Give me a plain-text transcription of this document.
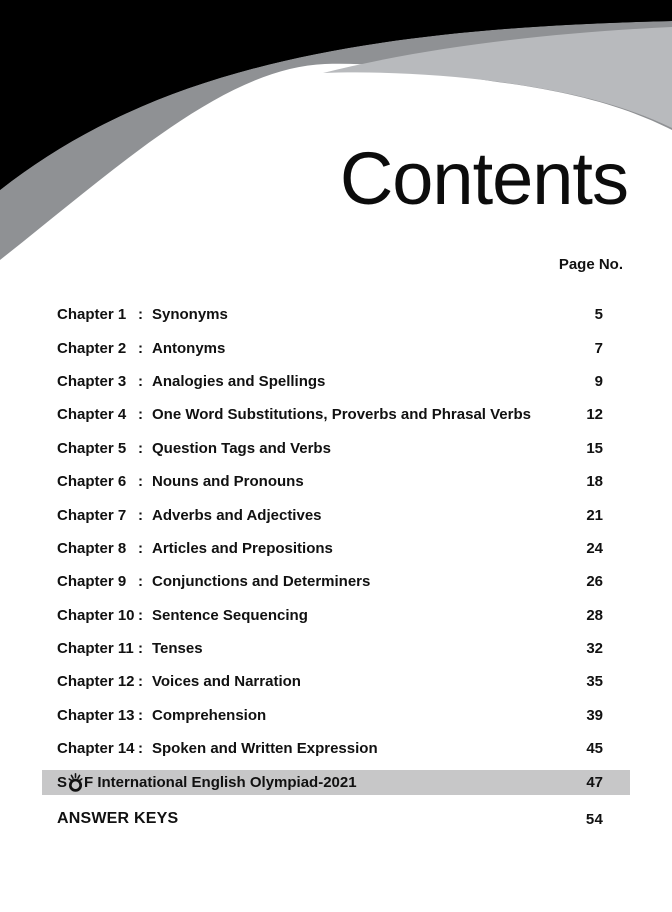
Contents
Page No.
Chapter 1 : Synonyms	5
Chapter 2 : Antonyms	7
Chapter 3 : Analogies and Spellings	9
Chapter 4 : One Word Substitutions, Proverbs and Phrasal Verbs	12
Chapter 5 : Question Tags and Verbs	15
Chapter 6 : Nouns and Pronouns	18
Chapter 7 : Adverbs and Adjectives	21
Chapter 8 : Articles and Prepositions	24
Chapter 9 : Conjunctions and Determiners	26
Chapter 10 : Sentence Sequencing	28
Chapter 11 : Tenses	32
Chapter 12 : Voices and Narration	35
Chapter 13 : Comprehension	39
Chapter 14 : Spoken and Written Expression	45
S F International English Olympiad-2021	47
ANSWER KEYS	54
